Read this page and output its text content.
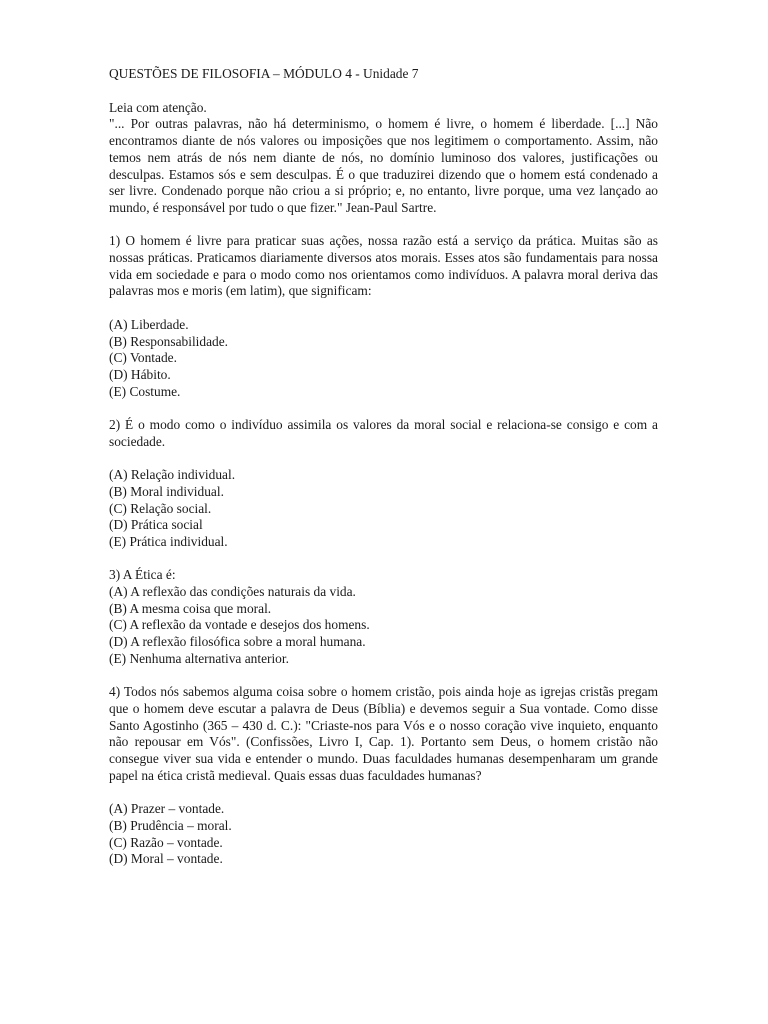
QUESTÕES DE FILOSOFIA – MÓDULO 4 - Unidade 7

Leia com atenção.

"... Por outras palavras, não há determinismo, o homem é livre, o homem é liberdade. [...] Não encontramos diante de nós valores ou imposições que nos legitimem o comportamento. Assim, não temos nem atrás de nós nem diante de nós, no domínio luminoso dos valores, justificações ou desculpas. Estamos sós e sem desculpas. É o que traduzirei dizendo que o homem está condenado a ser livre. Condenado porque não criou a si próprio; e, no entanto, livre porque, uma vez lançado ao mundo, é responsável por tudo o que fizer." Jean-Paul Sartre.

1) O homem é livre para praticar suas ações, nossa razão está a serviço da prática. Muitas são as nossas práticas. Praticamos diariamente diversos atos morais. Esses atos são fundamentais para nossa vida em sociedade e para o modo como nos orientamos como indivíduos. A palavra moral deriva das palavras mos e moris (em latim), que significam:

(A) Liberdade.

(B) Responsabilidade.

(C) Vontade.

(D) Hábito.

(E) Costume.

2) É o modo como o indivíduo assimila os valores da moral social e relaciona-se consigo e com a sociedade.

(A) Relação individual.

(B) Moral individual.

(C) Relação social.

(D) Prática social

(E) Prática individual.

3) A Ética é:

(A) A reflexão das condições naturais da vida.

(B) A mesma coisa que moral.

(C) A reflexão da vontade e desejos dos homens.

(D) A reflexão filosófica sobre a moral humana.

(E) Nenhuma alternativa anterior.

4) Todos nós sabemos alguma coisa sobre o homem cristão, pois ainda hoje as igrejas cristãs pregam que o homem deve escutar a palavra de Deus (Bíblia) e devemos seguir a Sua vontade. Como disse Santo Agostinho (365 – 430 d. C.): "Criaste-nos para Vós e o nosso coração vive inquieto, enquanto não repousar em Vós". (Confissões, Livro I, Cap. 1). Portanto sem Deus, o homem cristão não consegue viver sua vida e entender o mundo. Duas faculdades humanas desempenharam um grande papel na ética cristã medieval. Quais essas duas faculdades humanas?

(A) Prazer – vontade.

(B) Prudência – moral.

(C) Razão – vontade.

(D) Moral – vontade.
